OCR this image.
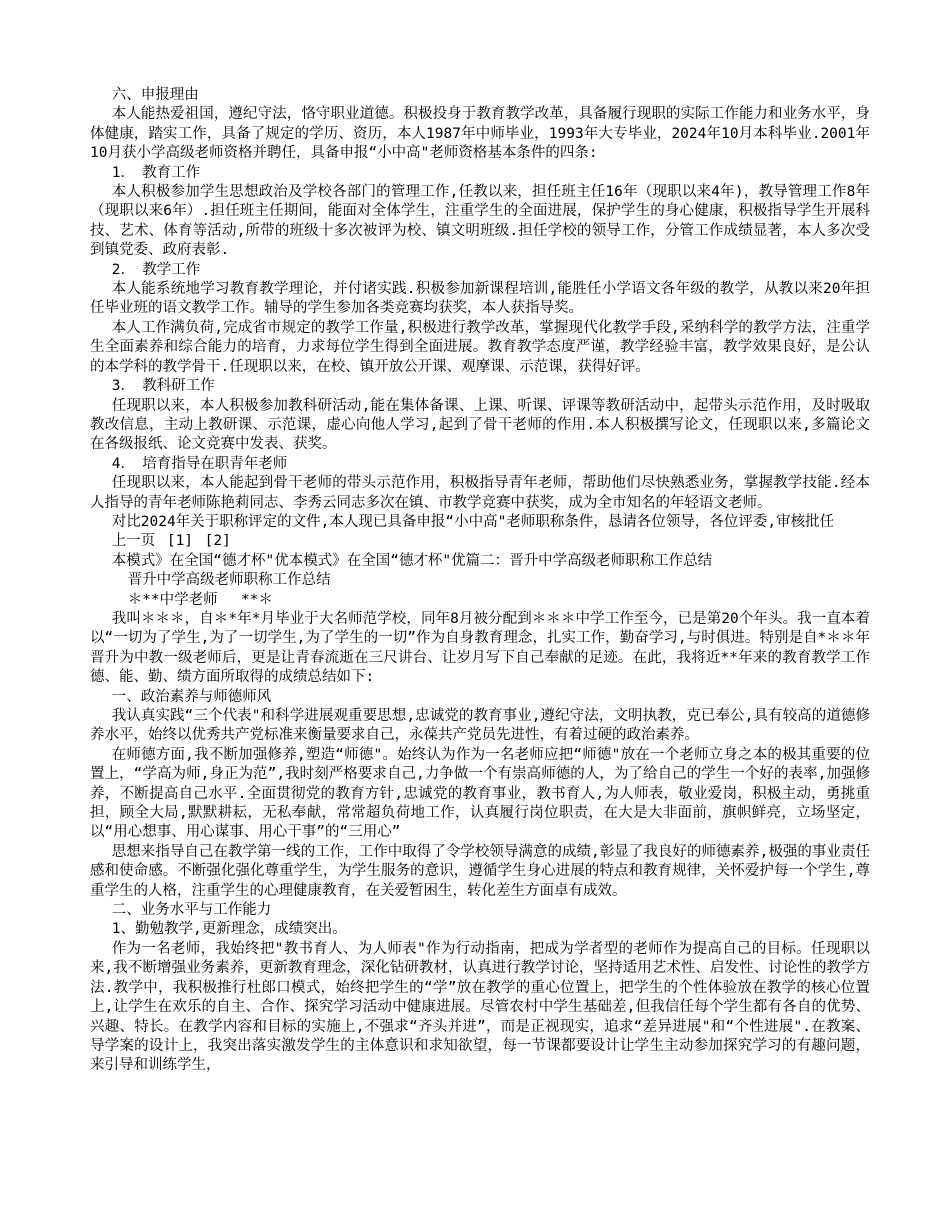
六、申报理由

本人能热爱祖国，遵纪守法，恪守职业道德。积极投身于教育教学改革，具备履行现职的实际工作能力和业务水平，身体健康，踏实工作，具备了规定的学历、资历，本人1987年中师毕业，1993年大专毕业，2024年10月本科毕业.2001年10月获小学高级老师资格并聘任，具备申报“小中高"老师资格基本条件的四条:

1．　教育工作

本人积极参加学生思想政治及学校各部门的管理工作,任教以来，担任班主任16年（现职以来4年)，教导管理工作8年（现职以来6年）.担任班主任期间，能面对全体学生，注重学生的全面进展，保护学生的身心健康，积极指导学生开展科技、艺术、体育等活动,所带的班级十多次被评为校、镇文明班级.担任学校的领导工作，分管工作成绩显著，本人多次受到镇党委、政府表彰.

2．　教学工作

本人能系统地学习教育教学理论，并付诸实践.积极参加新课程培训,能胜任小学语文各年级的教学，从教以来20年担任毕业班的语文教学工作。辅导的学生参加各类竞赛均获奖，本人获指导奖。

本人工作满负荷,完成省市规定的教学工作量,积极进行教学改革，掌握现代化教学手段,采纳科学的教学方法，注重学生全面素养和综合能力的培育，力求每位学生得到全面进展。教育教学态度严谨，教学经验丰富，教学效果良好，是公认的本学科的教学骨干.任现职以来，在校、镇开放公开课、观摩课、示范课，获得好评。

3．　教科研工作

任现职以来，本人积极参加教科研活动,能在集体备课、上课、听课、评课等教研活动中，起带头示范作用，及时吸取教改信息，主动上教研课、示范课，虚心向他人学习,起到了骨干老师的作用.本人积极撰写论文，任现职以来,多篇论文在各级报纸、论文竞赛中发表、获奖。

4．　培育指导在职青年老师

任现职以来，本人能起到骨干老师的带头示范作用，积极指导青年老师，帮助他们尽快熟悉业务，掌握教学技能.经本人指导的青年老师陈艳莉同志、李秀云同志多次在镇、市教学竞赛中获奖，成为全市知名的年轻语文老师。

对比2024年关于职称评定的文件,本人现已具备申报“小中高"老师职称条件，恳请各位领导，各位评委,审核批任

上一页 [1] [2]

本模式》在全国“德才杯"优本模式》在全国“德才杯"优篇二：晋升中学高级老师职称工作总结

晋升中学高级老师职称工作总结

＊**中学老师　 **＊

我叫＊＊＊，自＊*年*月毕业于大名师范学校，同年8月被分配到＊＊＊中学工作至今，已是第20个年头。我一直本着以“一切为了学生,为了一切学生,为了学生的一切”作为自身教育理念，扎实工作，勤奋学习,与时俱进。特别是自*＊＊年晋升为中教一级老师后，更是让青春流逝在三尺讲台、让岁月写下自己奉献的足迹。在此，我将近**年来的教育教学工作德、能、勤、绩方面所取得的成绩总结如下:

一、政治素养与师德师风

我认真实践“三个代表"和科学进展观重要思想,忠诚党的教育事业,遵纪守法，文明执教，克已奉公,具有较高的道德修养水平，始终以优秀共产党标准来衡量要求自己，永葆共产党员先进性，有着过硬的政治素养。

在师德方面,我不断加强修养,塑造“师德"。始终认为作为一名老师应把“师德"放在一个老师立身之本的极其重要的位置上，“学高为师,身正为范”,我时刻严格要求自己,力争做一个有崇高师德的人，为了给自己的学生一个好的表率,加强修养，不断提高自己水平.全面贯彻党的教育方针,忠诚党的教育事业，教书育人,为人师表，敬业爱岗，积极主动，勇挑重担，顾全大局,默默耕耘，无私奉献，常常超负荷地工作，认真履行岗位职责，在大是大非面前，旗帜鲜亮，立场坚定，以“用心想事、用心谋事、用心干事”的“三用心”

思想来指导自己在教学第一线的工作，工作中取得了令学校领导满意的成绩,彰显了我良好的师德素养,极强的事业责任感和使命感。不断强化强化尊重学生，为学生服务的意识，遵循学生身心进展的特点和教育规律，关怀爱护每一个学生,尊重学生的人格，注重学生的心理健康教育，在关爱暂困生，转化差生方面卓有成效。

二、业务水平与工作能力

1、勤勉教学,更新理念，成绩突出。

作为一名老师，我始终把"教书育人、为人师表"作为行动指南，把成为学者型的老师作为提高自己的目标。任现职以来,我不断增强业务素养，更新教育理念，深化钻研教材，认真进行教学讨论，坚持适用艺术性、启发性、讨论性的教学方法.教学中，我积极推行杜郎口模式，始终把学生的“学”放在教学的重心位置上，把学生的个性体验放在教学的核心位置上,让学生在欢乐的自主、合作、探究学习活动中健康进展。尽管农村中学生基础差,但我信任每个学生都有各自的优势、兴趣、特长。在教学内容和目标的实施上,不强求“齐头并进”，而是正视现实，追求“差异进展"和“个性进展".在教案、导学案的设计上，我突出落实激发学生的主体意识和求知欲望，每一节课都要设计让学生主动参加探究学习的有趣问题，来引导和训练学生，
